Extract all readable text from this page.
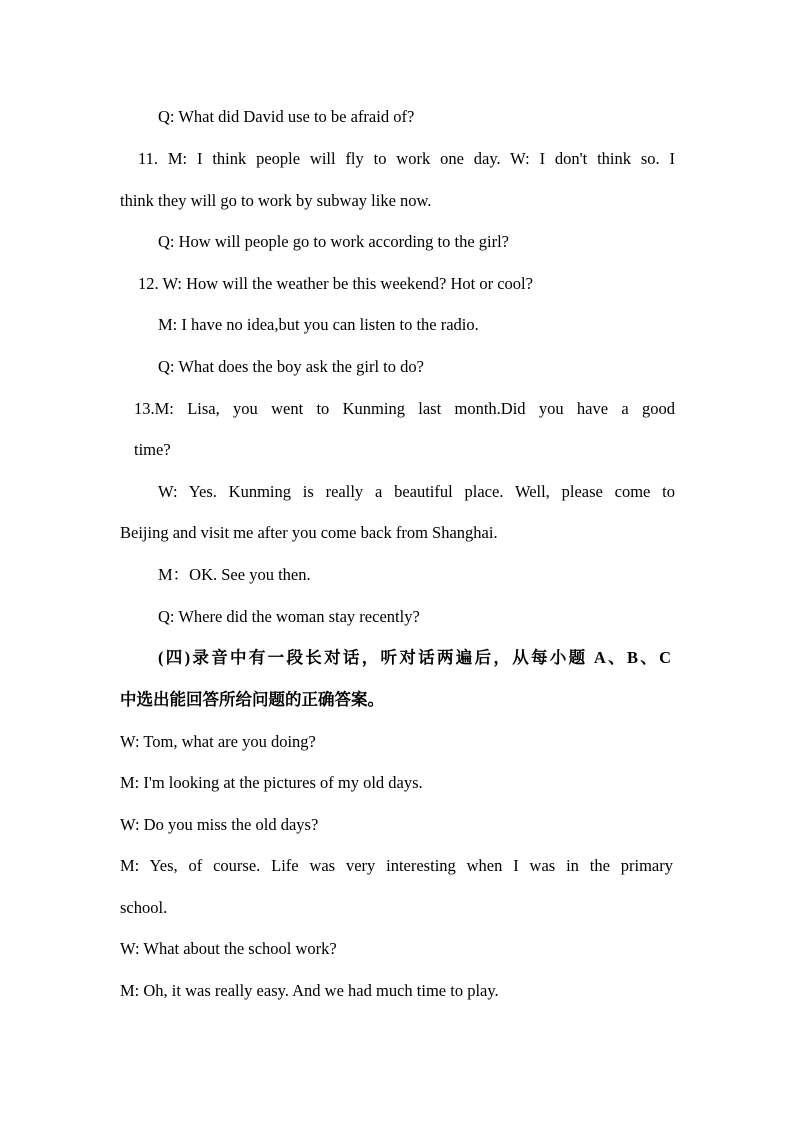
Q: What did David use to be afraid of?
11. M: I think people will fly to work one day. W: I don't think so. I
think they will go to work by subway like now.
Q: How will people go to work according to the girl?
12. W: How will the weather be this weekend? Hot or cool?
M: I have no idea,but you can listen to the radio.
Q: What does the boy ask the girl to do?
13.M: Lisa, you went to Kunming last month.Did you have a good
time?
W: Yes. Kunming is really a beautiful place. Well, please come to
Beijing and visit me after you come back from Shanghai.
M：OK. See you then.
Q: Where did the woman stay recently?
(四)录音中有一段长对话，听对话两遍后，从每小题 A、B、C
中选出能回答所给问题的正确答案。
W: Tom, what are you doing?
M: I'm looking at the pictures of my old days.
W: Do you miss the old days?
M: Yes, of course. Life was very interesting when I was in the primary
school.
W: What about the school work?
M: Oh, it was really easy. And we had much time to play.
